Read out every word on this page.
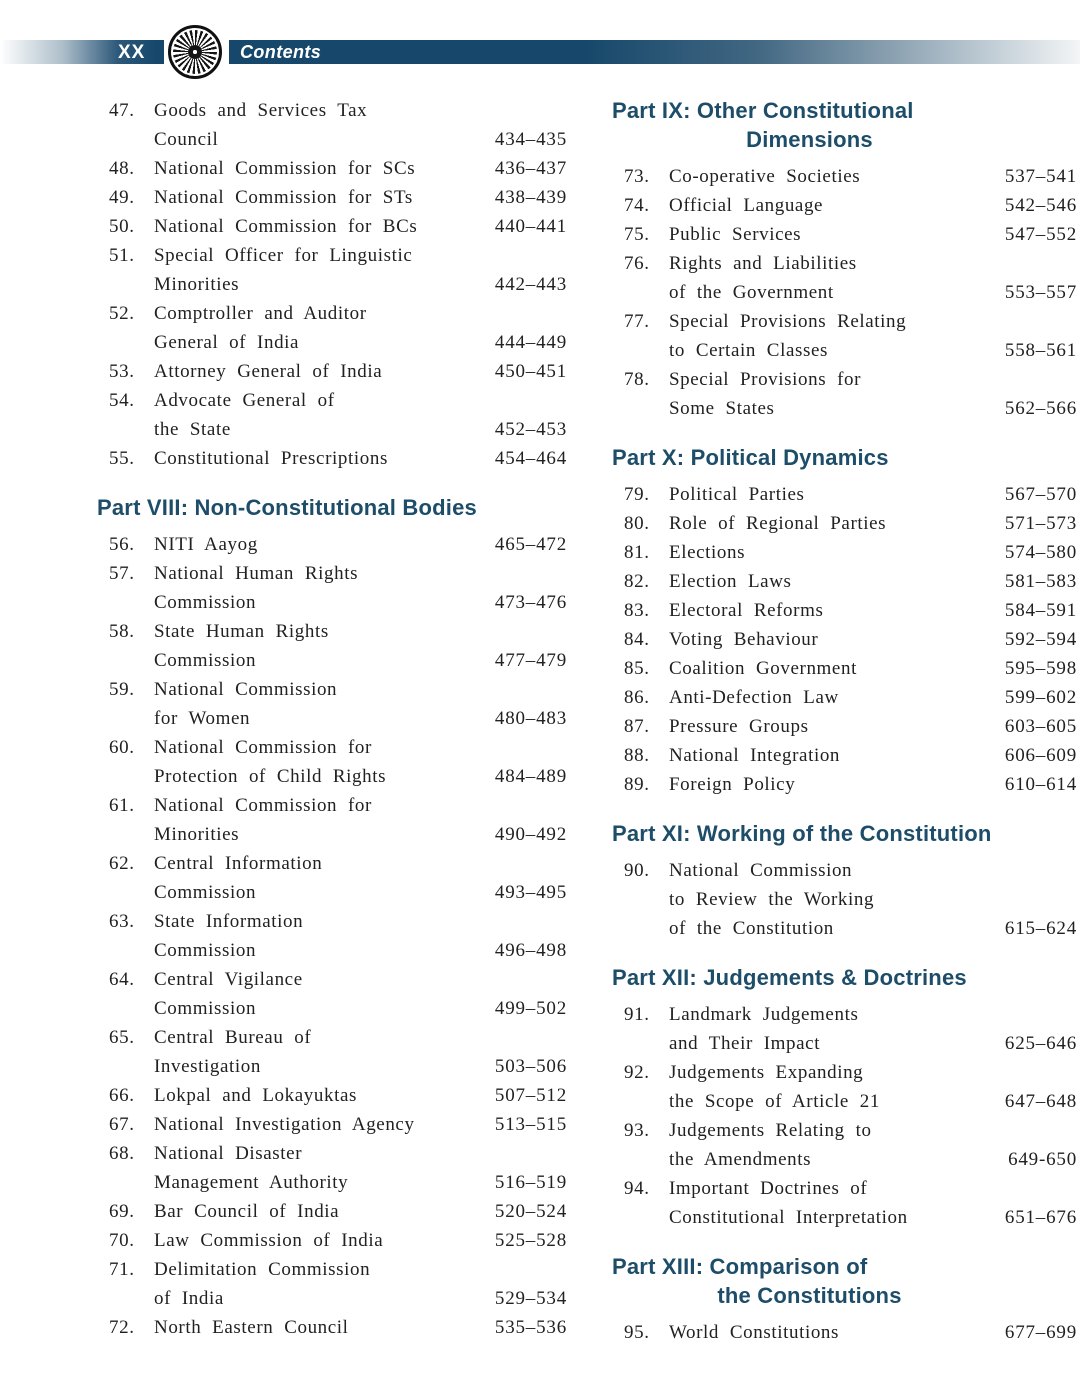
XX	Contents
47.	Goods and Services Tax
Council	434–435
48.	National Commission for SCs	436–437
49.	National Commission for STs	438–439
50.	National Commission for BCs	440–441
51.	Special Officer for Linguistic
Minorities	442–443
52.	Comptroller and Auditor
General of India	444–449
53.	Attorney General of India	450–451
54.	Advocate General of
the State	452–453
55.	Constitutional Prescriptions	454–464
Part VIII: Non-Constitutional Bodies
56.	NITI Aayog	465–472
57.	National Human Rights
Commission	473–476
58.	State Human Rights
Commission	477–479
59.	National Commission
for Women	480–483
60.	National Commission for
Protection of Child Rights	484–489
61.	National Commission for
Minorities	490–492
62.	Central Information
Commission	493–495
63.	State Information
Commission	496–498
64.	Central Vigilance
Commission	499–502
65.	Central Bureau of
Investigation	503–506
66.	Lokpal and Lokayuktas	507–512
67.	National Investigation Agency	513–515
68.	National Disaster
Management Authority	516–519
69.	Bar Council of India	520–524
70.	Law Commission of India	525–528
71.	Delimitation Commission
of India	529–534
72.	North Eastern Council	535–536
Part IX: Other Constitutional
Dimensions
73.	Co-operative Societies	537–541
74.	Official Language	542–546
75.	Public Services	547–552
76.	Rights and Liabilities
of the Government	553–557
77.	Special Provisions Relating
to Certain Classes	558–561
78.	Special Provisions for
Some States	562–566
Part X: Political Dynamics
79.	Political Parties	567–570
80.	Role of Regional Parties	571–573
81.	Elections	574–580
82.	Election Laws	581–583
83.	Electoral Reforms	584–591
84.	Voting Behaviour	592–594
85.	Coalition Government	595–598
86.	Anti-Defection Law	599–602
87.	Pressure Groups	603–605
88.	National Integration	606–609
89.	Foreign Policy	610–614
Part XI: Working of the Constitution
90.	National Commission
to Review the Working
of the Constitution	615–624
Part XII: Judgements & Doctrines
91.	Landmark Judgements
and Their Impact	625–646
92.	Judgements Expanding
the Scope of Article 21	647–648
93.	Judgements Relating to
the Amendments	649-650
94.	Important Doctrines of
Constitutional Interpretation	651–676
Part XIII: Comparison of
the Constitutions
95.	World Constitutions	677–699
